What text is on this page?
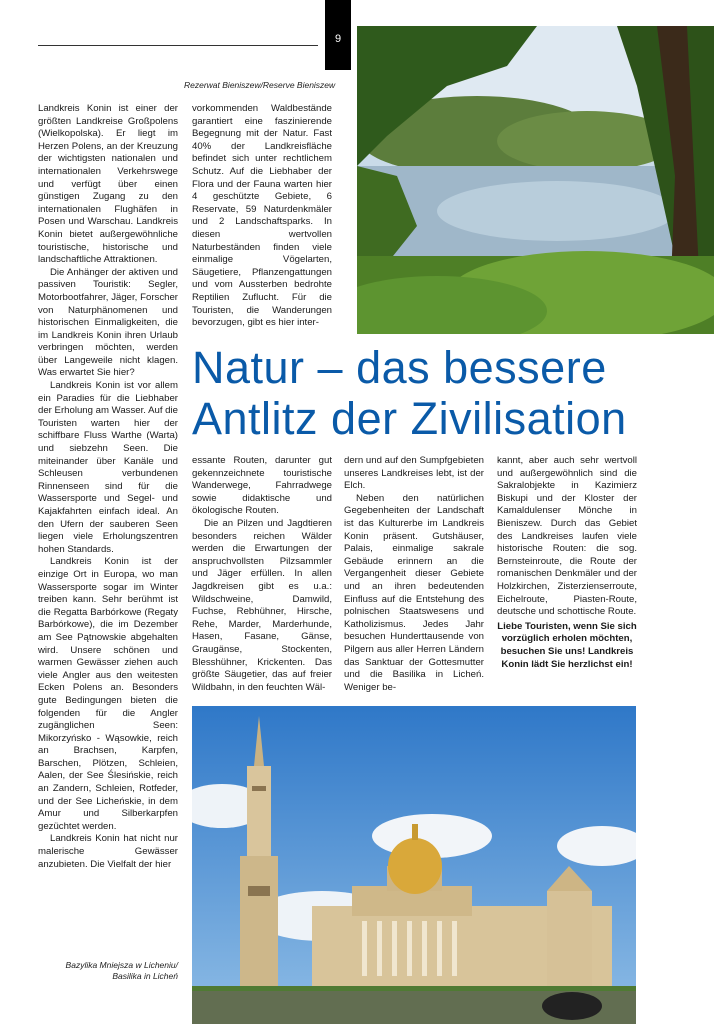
9
Rezerwat Bieniszew/Reserve Bieniszew

Landkreis Konin ist einer der größten Landkreise Großpolens (Wielkopolska). Er liegt im Herzen Polens, an der Kreuzung der wichtigsten nationalen und internationalen Verkehrswege und verfügt über einen günstigen Zugang zu den internationalen Flughäfen in Posen und Warschau. Landkreis Konin bietet außergewöhnliche touristische, historische und landschaftliche Attraktionen.

Die Anhänger der aktiven und passiven Touristik: Segler, Motorbootfahrer, Jäger, Forscher von Naturphänomenen und historischen Einmaligkeiten, die im Landkreis Konin ihren Urlaub verbringen möchten, werden über Langeweile nicht klagen. Was erwartet Sie hier?

Landkreis Konin ist vor allem ein Paradies für die Liebhaber der Erholung am Wasser. Auf die Touristen warten hier der schiffbare Fluss Warthe (Warta) und siebzehn Seen. Die miteinander über Kanäle und Schleusen verbundenen Rinnenseen sind für die Wassersporte und Segel- und Kajakfahrten einfach ideal. An den Ufern der sauberen Seen liegen viele Erholungszentren hohen Standards.

Landkreis Konin ist der einzige Ort in Europa, wo man Wassersporte sogar im Winter treiben kann. Sehr berühmt ist die Regatta Barbórkowe (Regaty Barbórkowe), die im Dezember am See Pątnowskie abgehalten wird. Unsere schönen und warmen Gewässer ziehen auch viele Angler aus den weitesten Ecken Polens an. Besonders gute Bedingungen bieten die folgenden für die Angler zugänglichen Seen: Mikorzyńsko - Wąsowkie, reich an Brachsen, Karpfen, Barschen, Plötzen, Schleien, Aalen, der See Ślesińskie, reich an Zandern, Schleien, Rotfeder, und der See Licheńskie, in dem Amur und Silberkarpfen gezüchtet werden.

Landkreis Konin hat nicht nur malerische Gewässer anzubieten. Die Vielfalt der hier

vorkommenden Waldbestände garantiert eine faszinierende Begegnung mit der Natur. Fast 40% der Landkreisfläche befindet sich unter rechtlichem Schutz. Auf die Liebhaber der Flora und der Fauna warten hier 4 geschützte Gebiete, 6 Reservate, 59 Naturdenkmäler und 2 Landschaftsparks. In diesen wertvollen Naturbeständen finden viele einmalige Vögelarten, Säugetiere, Pflanzengattungen und vom Aussterben bedrohte Reptilien Zuflucht. Für die Touristen, die Wanderungen bevorzugen, gibt es hier inter-

Natur – das bessere
Antlitz der Zivilisation

essante Routen, darunter gut gekennzeichnete touristische Wanderwege, Fahrradwege sowie didaktische und ökologische Routen.

Die an Pilzen und Jagdtieren besonders reichen Wälder werden die Erwartungen der anspruchvollsten Pilzsammler und Jäger erfüllen. In allen Jagdkreisen gibt es u.a.: Wildschweine, Damwild, Fuchse, Rebhühner, Hirsche, Rehe, Marder, Marderhunde, Hasen, Fasane, Gänse, Graugänse, Stockenten, Blesshühner, Krickenten. Das größte Säugetier, das auf freier Wildbahn, in den feuchten Wäl-

dern und auf den Sumpfgebieten unseres Landkreises lebt, ist der Elch.

Neben den natürlichen Gegebenheiten der Landschaft ist das Kulturerbe im Landkreis Konin präsent. Gutshäuser, Palais, einmalige sakrale Gebäude erinnern an die Vergangenheit dieser Gebiete und an ihren bedeutenden Einfluss auf die Entstehung des polnischen Staatswesens und Katholizismus. Jedes Jahr besuchen Hunderttausende von Pilgern aus aller Herren Ländern das Sanktuar der Gottesmutter und die Basilika in Licheń. Weniger be-

kannt, aber auch sehr wertvoll und außergewöhnlich sind die Sakralobjekte in Kazimierz Biskupi und der Kloster der Kamaldulenser Mönche in Bieniszew. Durch das Gebiet des Landkreises laufen viele historische Routen: die sog. Bernsteinroute, die Route der romanischen Denkmäler und der Holzkirchen, Zisterzienserroute, Eichelroute, Piasten-Route, deutsche und schottische Route.

Liebe Touristen, wenn Sie sich vorzüglich erholen möchten, besuchen Sie uns! Landkreis Konin lädt Sie herzlichst ein!

Bazylika Mniejsza w Licheniu/
Basilika in Licheń
